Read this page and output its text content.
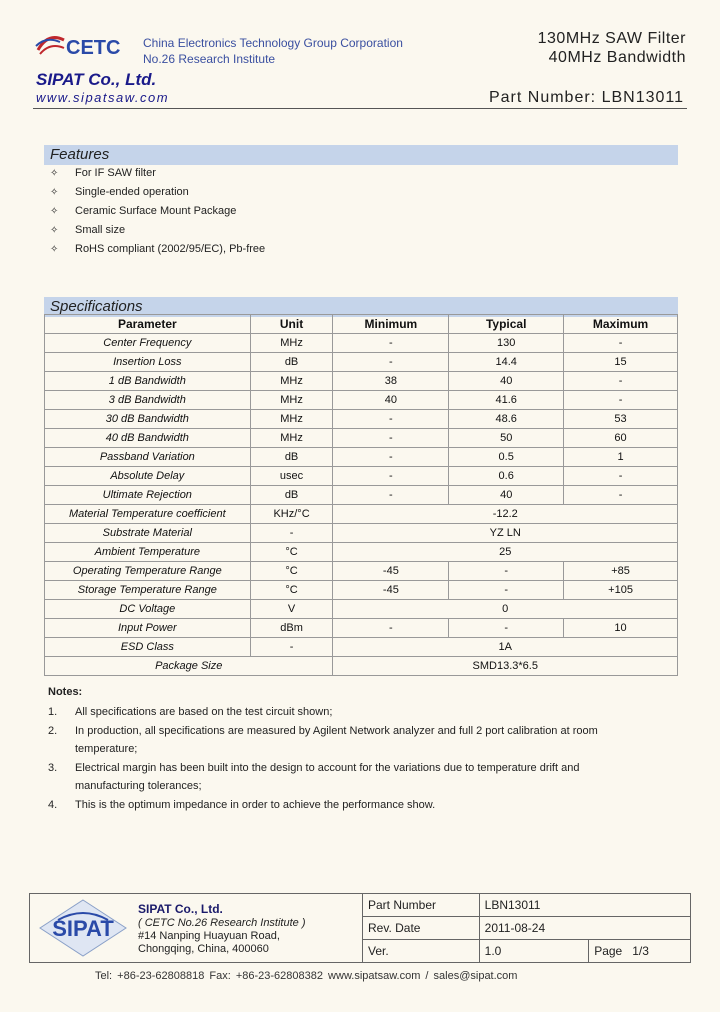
CETC China Electronics Technology Group Corporation
No.26 Research Institute
130MHz SAW Filter
40MHz Bandwidth
SIPAT Co., Ltd.
www.sipatsaw.com	Part Number: LBN13011
Features
✧ For IF SAW filter
✧ Single-ended operation
✧ Ceramic Surface Mount Package
✧ Small size
✧ RoHS compliant (2002/95/EC), Pb-free
Specifications
Parameter	Unit	Minimum	Typical	Maximum
Center Frequency	MHz	-	130	-
Insertion Loss	dB	-	14.4	15
1 dB Bandwidth	MHz	38	40	-
3 dB Bandwidth	MHz	40	41.6	-
30 dB Bandwidth	MHz	-	48.6	53
40 dB Bandwidth	MHz	-	50	60
Passband Variation	dB	-	0.5	1
Absolute Delay	usec	-	0.6	-
Ultimate Rejection	dB	-	40	-
Material Temperature coefficient	KHz/°C	-12.2		
Substrate Material	-	YZ LN		
Ambient Temperature	°C	25		
Operating Temperature Range	°C	-45	-	+85
Storage Temperature Range	°C	-45	-	+105
DC Voltage	V	0		
Input Power	dBm	-	-	10
ESD Class	-	1A		
Package Size		SMD13.3*6.5		
Notes:
1.	All specifications are based on the test circuit shown;
2.	In production, all specifications are measured by Agilent Network analyzer and full 2 port calibration at room temperature;
3.	Electrical margin has been built into the design to account for the variations due to temperature drift and manufacturing tolerances;
4.	This is the optimum impedance in order to achieve the performance show.
SIPAT
SIPAT Co., Ltd.
( CETC No.26 Research Institute )
#14 Nanping Huayuan Road,
Chongqing, China, 400060
Part Number	LBN13011	
Rev. Date	2011-08-24	
Ver.	1.0	Page 1/3
Tel: +86-23-62808818 Fax: +86-23-62808382 www.sipatsaw.com / sales@sipat.com
